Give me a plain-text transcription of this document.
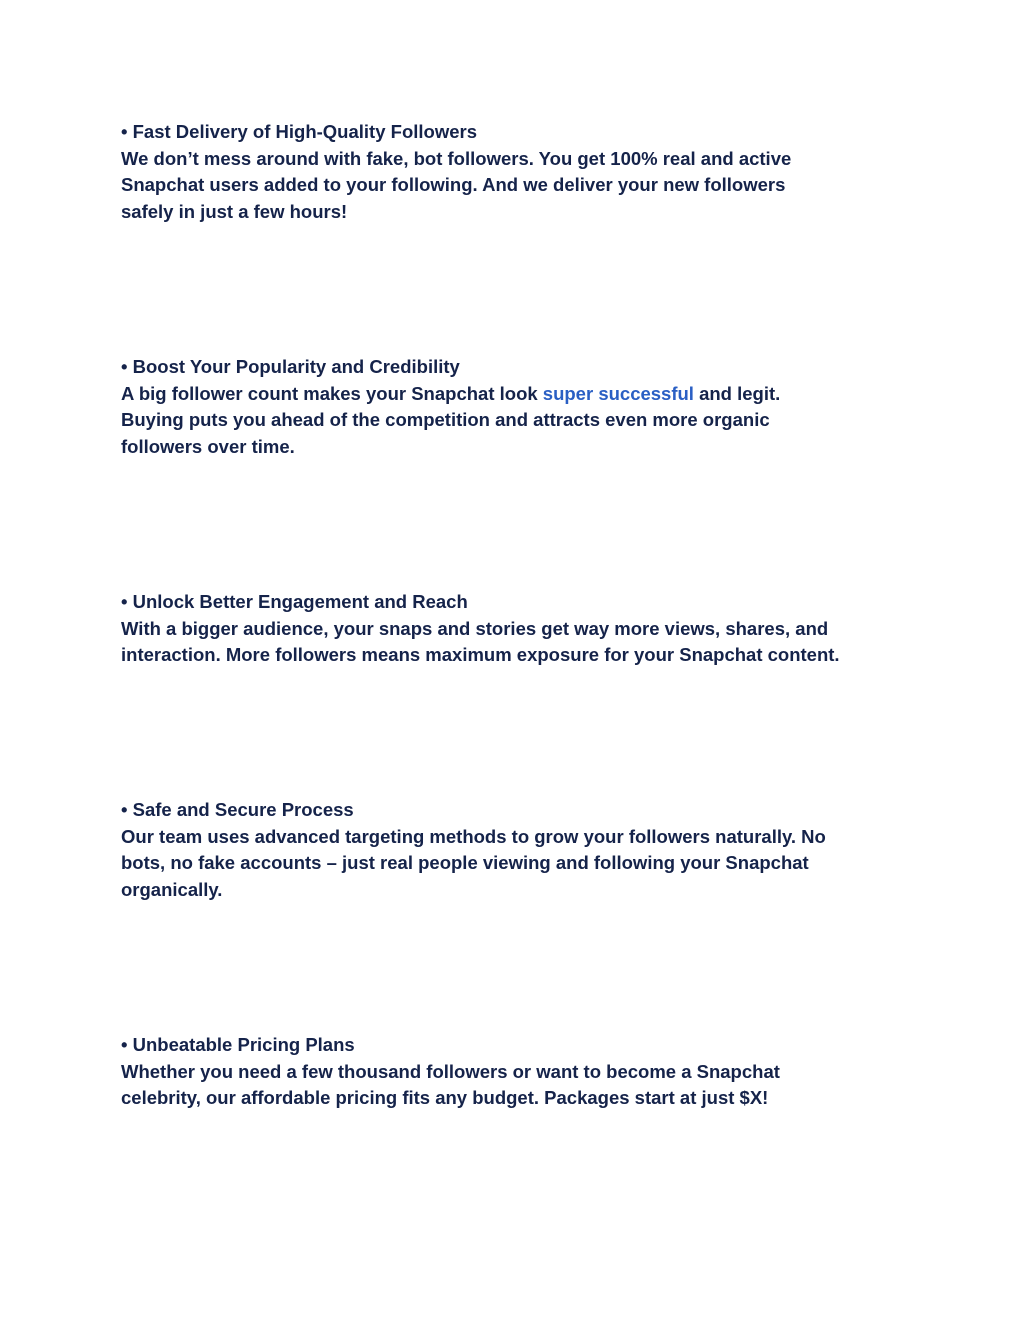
• Fast Delivery of High-Quality Followers

We don’t mess around with fake, bot followers. You get 100% real and active

Snapchat users added to your following. And we deliver your new followers

safely in just a few hours!

• Boost Your Popularity and Credibility

A big follower count makes your Snapchat look super successful and legit.

Buying puts you ahead of the competition and attracts even more organic

followers over time.

• Unlock Better Engagement and Reach

With a bigger audience, your snaps and stories get way more views, shares, and

interaction. More followers means maximum exposure for your Snapchat content.

• Safe and Secure Process

Our team uses advanced targeting methods to grow your followers naturally. No

bots, no fake accounts – just real people viewing and following your Snapchat

organically.

• Unbeatable Pricing Plans

Whether you need a few thousand followers or want to become a Snapchat

celebrity, our affordable pricing fits any budget. Packages start at just $X!
